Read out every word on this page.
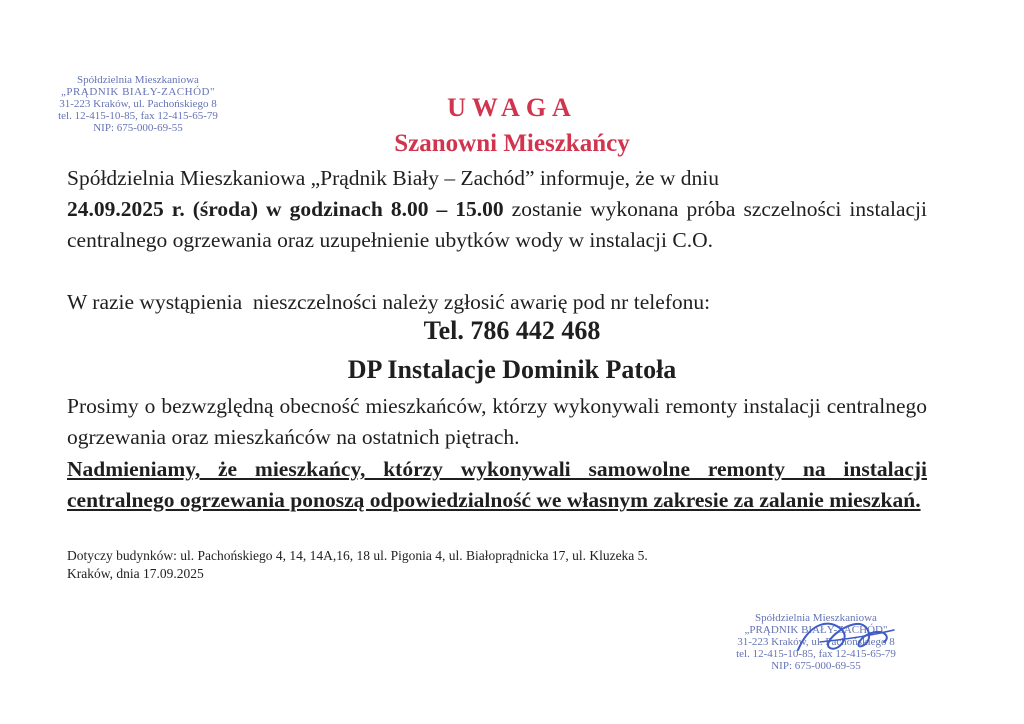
Spółdzielnia Mieszkaniowa
„PRĄDNIK BIAŁY-ZACHÓD"
31-223 Kraków, ul. Pachońskiego 8
tel. 12-415-10-85, fax 12-415-65-79
NIP: 675-000-69-55
UWAGA
Szanowni Mieszkańcy
Spółdzielnia Mieszkaniowa „Prądnik Biały – Zachód” informuje, że w dniu
24.09.2025 r. (środa) w godzinach 8.00 – 15.00 zostanie wykonana próba szczelności instalacji centralnego ogrzewania oraz uzupełnienie ubytków wody w instalacji C.O.
W razie wystąpienia  nieszczelności należy zgłosić awarię pod nr telefonu:
Tel. 786 442 468
DP Instalacje Dominik Patoła
Prosimy o bezwzględną obecność mieszkańców, którzy wykonywali remonty instalacji centralnego ogrzewania oraz mieszkańców na ostatnich piętrach.
Nadmieniamy, że mieszkańcy, którzy wykonywali samowolne remonty na instalacji centralnego ogrzewania ponoszą odpowiedzialność we własnym zakresie za zalanie mieszkań.
Dotyczy budynków: ul. Pachońskiego 4, 14, 14A,16, 18 ul. Pigonia 4, ul. Białoprądnicka 17, ul. Kluzeka 5.
Kraków, dnia 17.09.2025
Spółdzielnia Mieszkaniowa
„PRĄDNIK BIAŁY-ZACHÓD"
31-223 Kraków, ul. Pachońskiego 8
tel. 12-415-10-85, fax 12-415-65-79
NIP: 675-000-69-55
